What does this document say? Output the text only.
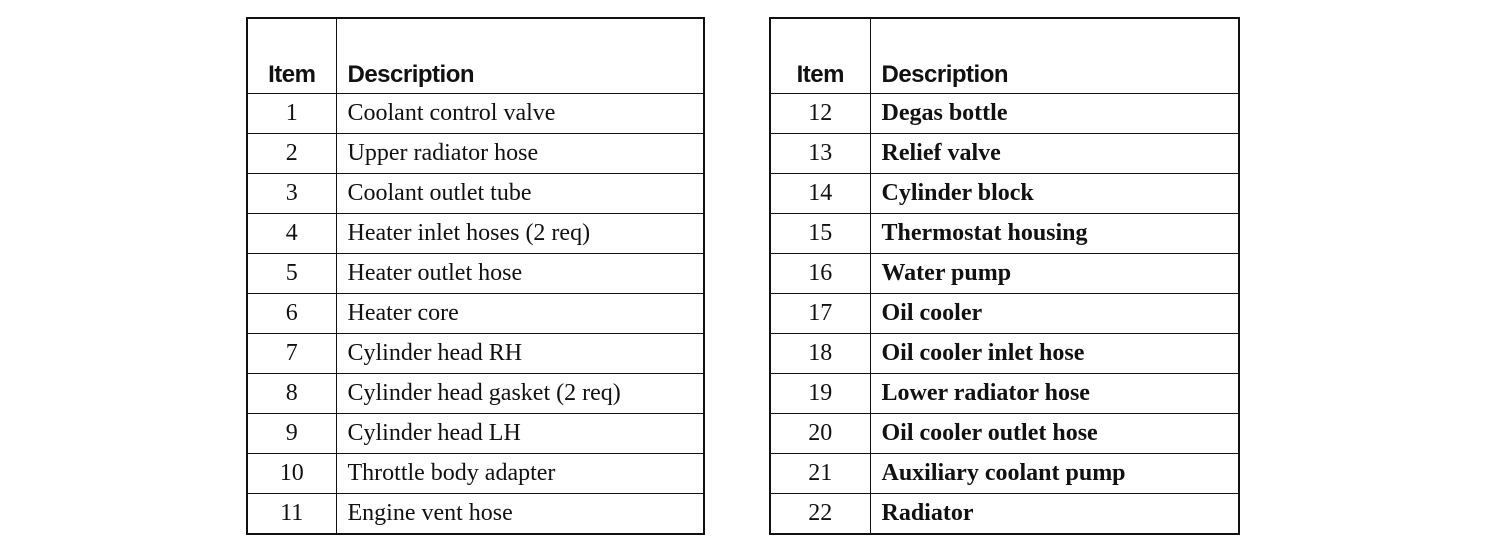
Item	Description
1	Coolant control valve
2	Upper radiator hose
3	Coolant outlet tube
4	Heater inlet hoses (2 req)
5	Heater outlet hose
6	Heater core
7	Cylinder head RH
8	Cylinder head gasket (2 req)
9	Cylinder head LH
10	Throttle body adapter
11	Engine vent hose
Item	Description
12	Degas bottle
13	Relief valve
14	Cylinder block
15	Thermostat housing
16	Water pump
17	Oil cooler
18	Oil cooler inlet hose
19	Lower radiator hose
20	Oil cooler outlet hose
21	Auxiliary coolant pump
22	Radiator
